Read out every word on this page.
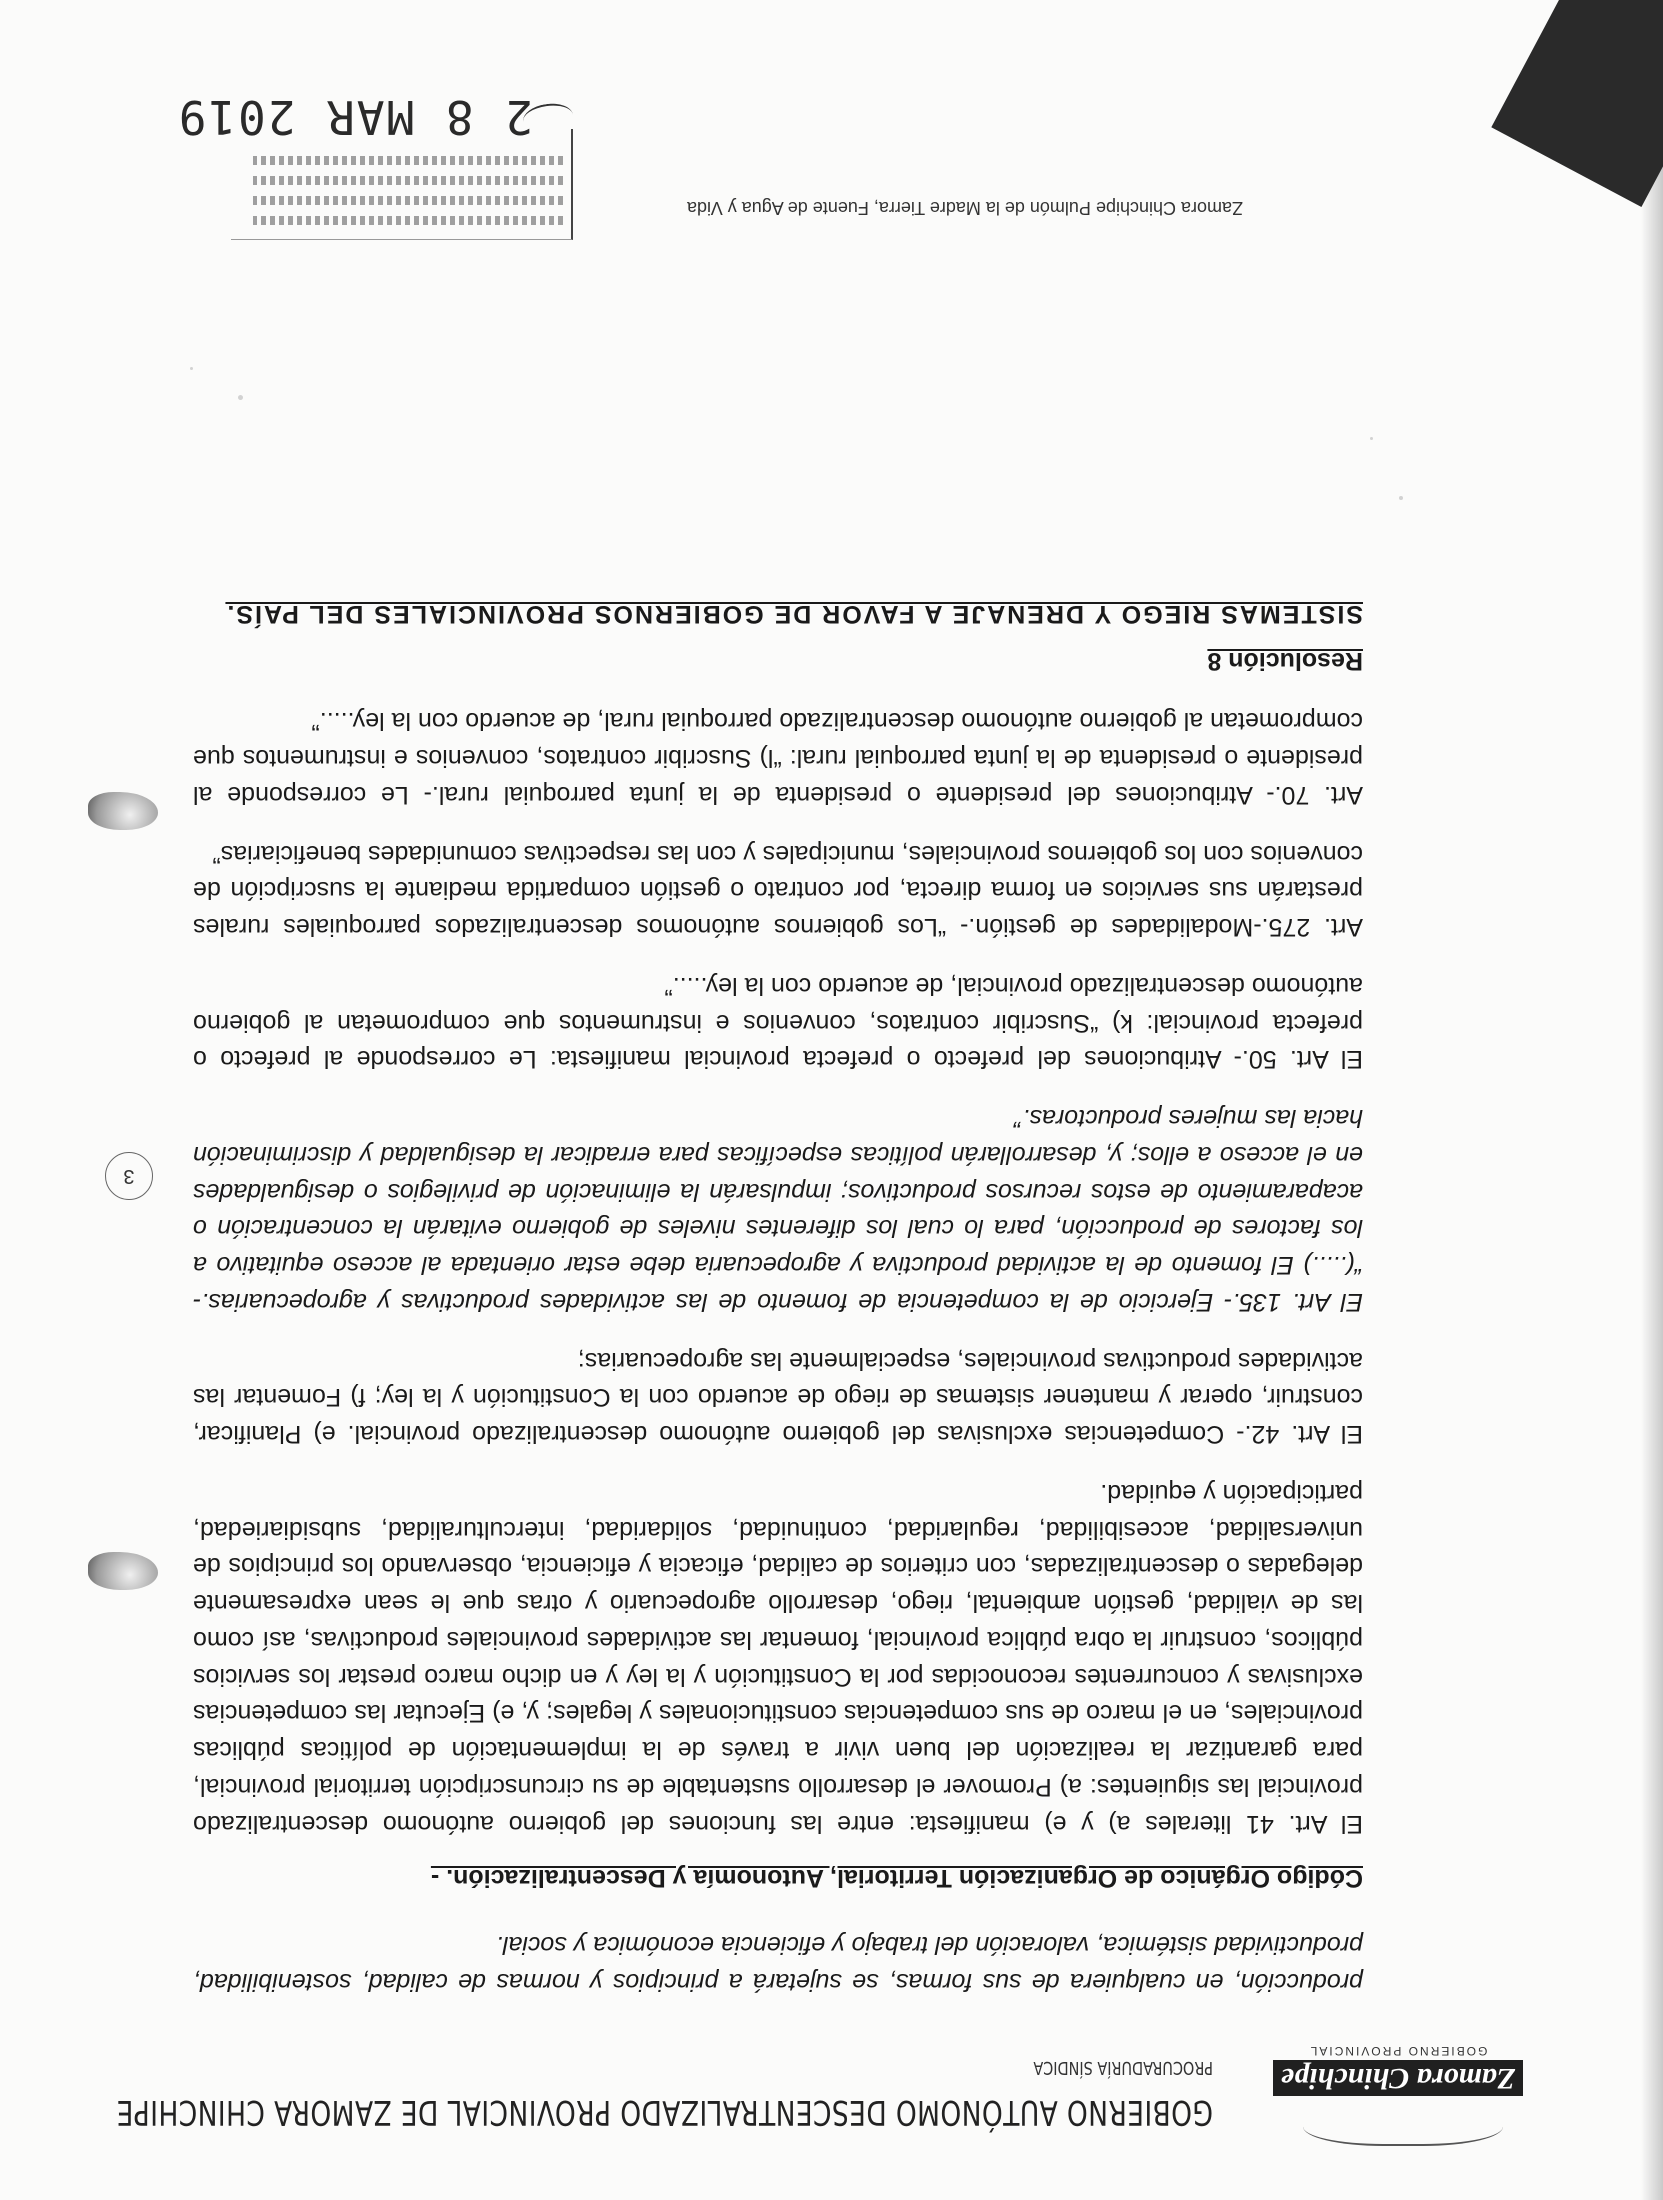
Zamora Chinchipe
GOBIERNO PROVINCIAL
GOBIERNO AUTÓNOMO DESCENTRALIZADO PROVINCIAL DE ZAMORA CHINCHIPE
PROCURADURÍA SÍNDICA

producción, en cualquiera de sus formas, se sujetará a principios y normas de calidad, sostenibilidad, productividad sistémica, valoración del trabajo y eficiencia económica y social.

Código Orgánico de Organización Territorial, Autonomía y Descentralización. -

El Art. 41 literales a) y e) manifiesta: entre las funciones del gobierno autónomo descentralizado provincial las siguientes: a) Promover el desarrollo sustentable de su circunscripción territorial provincial, para garantizar la realización del buen vivir a través de la implementación de políticas públicas provinciales, en el marco de sus competencias constitucionales y legales; y, e) Ejecutar las competencias exclusivas y concurrentes reconocidas por la Constitución y la ley y en dicho marco prestar los servicios públicos, construir la obra pública provincial, fomentar las actividades provinciales productivas, así como las de vialidad, gestión ambiental, riego, desarrollo agropecuario y otras que le sean expresamente delegadas o descentralizadas, con criterios de calidad, eficacia y eficiencia, observando los principios de universalidad, accesibilidad, regularidad, continuidad, solidaridad, interculturalidad, subsidiariedad, participación y equidad.

El Art. 42.- Competencias exclusivas del gobierno autónomo descentralizado provincial. e) Planificar, construir, operar y mantener sistemas de riego de acuerdo con la Constitución y la ley; f) Fomentar las actividades productivas provinciales, especialmente las agropecuarias;

El Art. 135.- Ejercicio de la competencia de fomento de las actividades productivas y agropecuarias.- “(.....) El fomento de la actividad productiva y agropecuaria debe estar orientada al acceso equitativo a los factores de producción, para lo cual los diferentes niveles de gobierno evitarán la concentración o acaparamiento de estos recursos productivos; impulsarán la eliminación de privilegios o desigualdades en el acceso a ellos; y, desarrollarán políticas específicas para erradicar la desigualdad y discriminación hacia las mujeres productoras.”

El Art. 50.- Atribuciones del prefecto o prefecta provincial manifiesta: Le corresponde al prefecto o prefecta provincial: k) “Suscribir contratos, convenios e instrumentos que comprometan al gobierno autónomo descentralizado provincial, de acuerdo con la ley.....”

Art. 275.-Modalidades de gestión.- “Los gobiernos autónomos descentralizados parroquiales rurales prestarán sus servicios en forma directa, por contrato o gestión compartida mediante la suscripción de convenios con los gobiernos provinciales, municipales y con las respectivas comunidades beneficiarias”

Art. 70.- Atribuciones del presidente o presidenta de la junta parroquial rural.- Le corresponde al presidente o presidenta de la junta parroquial rural: “l) Suscribir contratos, convenios e instrumentos que comprometan al gobierno autónomo descentralizado parroquial rural, de acuerdo con la ley.....”

Resolución 8

SISTEMAS RIEGO Y DRENAJE A FAVOR DE GOBIERNOS PROVINCIALES DEL PAÍS.

3
Zamora Chinchipe Pulmón de la Madre Tierra, Fuente de Agua y Vida
2 8 MAR 2019
